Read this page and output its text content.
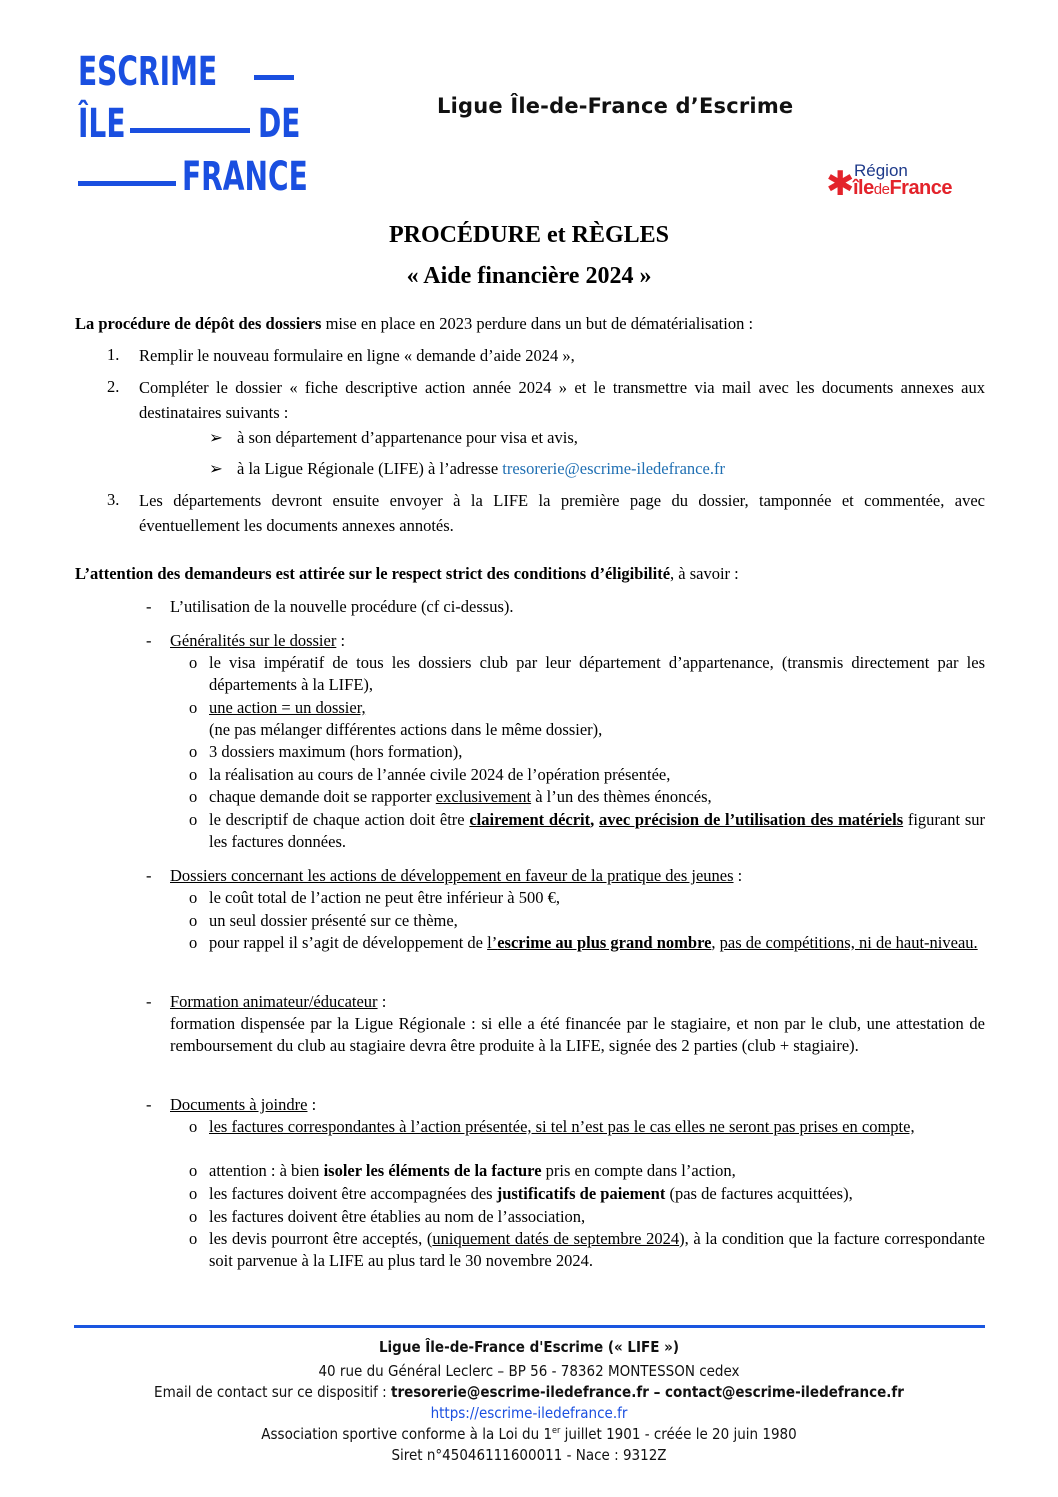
ESCRIME
ÎLE	DE
FRANCE
Ligue Île-de-France d’Escrime
✱ Région
îledeFrance
PROCÉDURE et RÈGLES
« Aide financière 2024 »
La procédure de dépôt des dossiers mise en place en 2023 perdure dans un but de dématérialisation :
1. Remplir le nouveau formulaire en ligne « demande d’aide 2024 »,
2. Compléter le dossier « fiche descriptive action année 2024 » et le transmettre via mail avec les documents annexes aux destinataires suivants :
➢ à son département d’appartenance pour visa et avis,
➢ à la Ligue Régionale (LIFE) à l’adresse tresorerie@escrime-iledefrance.fr
3. Les départements devront ensuite envoyer à la LIFE la première page du dossier, tamponnée et commentée, avec éventuellement les documents annexes annotés.
L’attention des demandeurs est attirée sur le respect strict des conditions d’éligibilité, à savoir :
- L’utilisation de la nouvelle procédure (cf ci-dessus).
- Généralités sur le dossier :
o le visa impératif de tous les dossiers club par leur département d’appartenance, (transmis directement par les départements à la LIFE),
o une action = un dossier,
(ne pas mélanger différentes actions dans le même dossier),
o 3 dossiers maximum (hors formation),
o la réalisation au cours de l’année civile 2024 de l’opération présentée,
o chaque demande doit se rapporter exclusivement à l’un des thèmes énoncés,
o le descriptif de chaque action doit être clairement décrit, avec précision de l’utilisation des matériels figurant sur les factures données.
- Dossiers concernant les actions de développement en faveur de la pratique des jeunes :
o le coût total de l’action ne peut être inférieur à 500 €,
o un seul dossier présenté sur ce thème,
o pour rappel il s’agit de développement de l’escrime au plus grand nombre, pas de compétitions, ni de haut-niveau.
- Formation animateur/éducateur :
formation dispensée par la Ligue Régionale : si elle a été financée par le stagiaire, et non par le club, une attestation de remboursement du club au stagiaire devra être produite à la LIFE, signée des 2 parties (club + stagiaire).
- Documents à joindre :
o les factures correspondantes à l’action présentée, si tel n’est pas le cas elles ne seront pas prises en compte,
o attention : à bien isoler les éléments de la facture pris en compte dans l’action,
o les factures doivent être accompagnées des justificatifs de paiement (pas de factures acquittées),
o les factures doivent être établies au nom de l’association,
o les devis pourront être acceptés, (uniquement datés de septembre 2024), à la condition que la facture correspondante soit parvenue à la LIFE au plus tard le 30 novembre 2024.
Ligue Île-de-France d'Escrime (« LIFE »)
40 rue du Général Leclerc – BP 56 - 78362 MONTESSON cedex
Email de contact sur ce dispositif : tresorerie@escrime-iledefrance.fr – contact@escrime-iledefrance.fr
https://escrime-iledefrance.fr
Association sportive conforme à la Loi du 1er juillet 1901 - créée le 20 juin 1980
Siret n°45046111600011 - Nace : 9312Z
